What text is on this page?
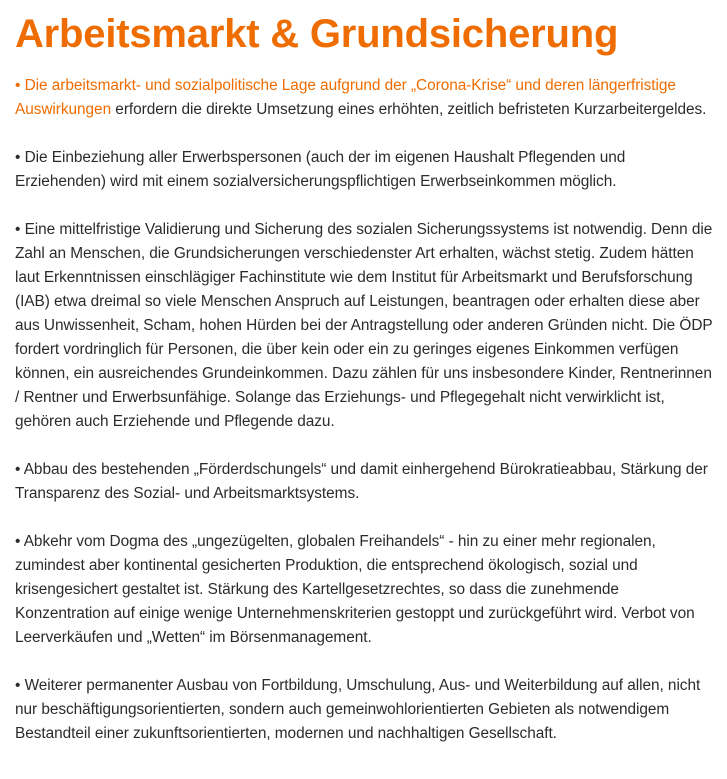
Arbeitsmarkt & Grundsicherung

• Die arbeitsmarkt- und sozialpolitische Lage aufgrund der „Corona-Krise“ und deren längerfristige Auswirkungen erfordern die direkte Umsetzung eines erhöhten, zeitlich befristeten Kurzarbeitergeldes.

• Die Einbeziehung aller Erwerbspersonen (auch der im eigenen Haushalt Pflegenden und Erziehenden) wird mit einem sozialversicherungspflichtigen Erwerbseinkommen möglich.

• Eine mittelfristige Validierung und Sicherung des sozialen Sicherungssystems ist notwendig. Denn die Zahl an Menschen, die Grundsicherungen verschiedenster Art erhalten, wächst stetig. Zudem hätten laut Erkenntnissen einschlägiger Fachinstitute wie dem Institut für Arbeitsmarkt und Berufsforschung (IAB) etwa dreimal so viele Menschen Anspruch auf Leistungen, beantragen oder erhalten diese aber aus Unwissenheit, Scham, hohen Hürden bei der Antragstellung oder anderen Gründen nicht. Die ÖDP fordert vordringlich für Personen, die über kein oder ein zu geringes eigenes Einkommen verfügen können, ein ausreichendes Grundeinkommen. Dazu zählen für uns insbesondere Kinder, Rentnerinnen / Rentner und Erwerbsunfähige. Solange das Erziehungs- und Pflegegehalt nicht verwirklicht ist, gehören auch Erziehende und Pflegende dazu.

• Abbau des bestehenden „Förderdschungels“ und damit einhergehend Bürokratieabbau, Stärkung der Transparenz des Sozial- und Arbeitsmarktsystems.

• Abkehr vom Dogma des „ungezügelten, globalen Freihandels“ - hin zu einer mehr regionalen, zumindest aber kontinental gesicherten Produktion, die entsprechend ökologisch, sozial und krisengesichert gestaltet ist. Stärkung des Kartellgesetzrechtes, so dass die zunehmende Konzentration auf einige wenige Unternehmenskriterien gestoppt und zurückgeführt wird. Verbot von Leerverkäufen und „Wetten“ im Börsenmanagement.

• Weiterer permanenter Ausbau von Fortbildung, Umschulung, Aus- und Weiterbildung auf allen, nicht nur beschäftigungsorientierten, sondern auch gemeinwohlorientierten Gebieten als notwendigem Bestandteil einer zukunftsorientierten, modernen und nachhaltigen Gesellschaft.
